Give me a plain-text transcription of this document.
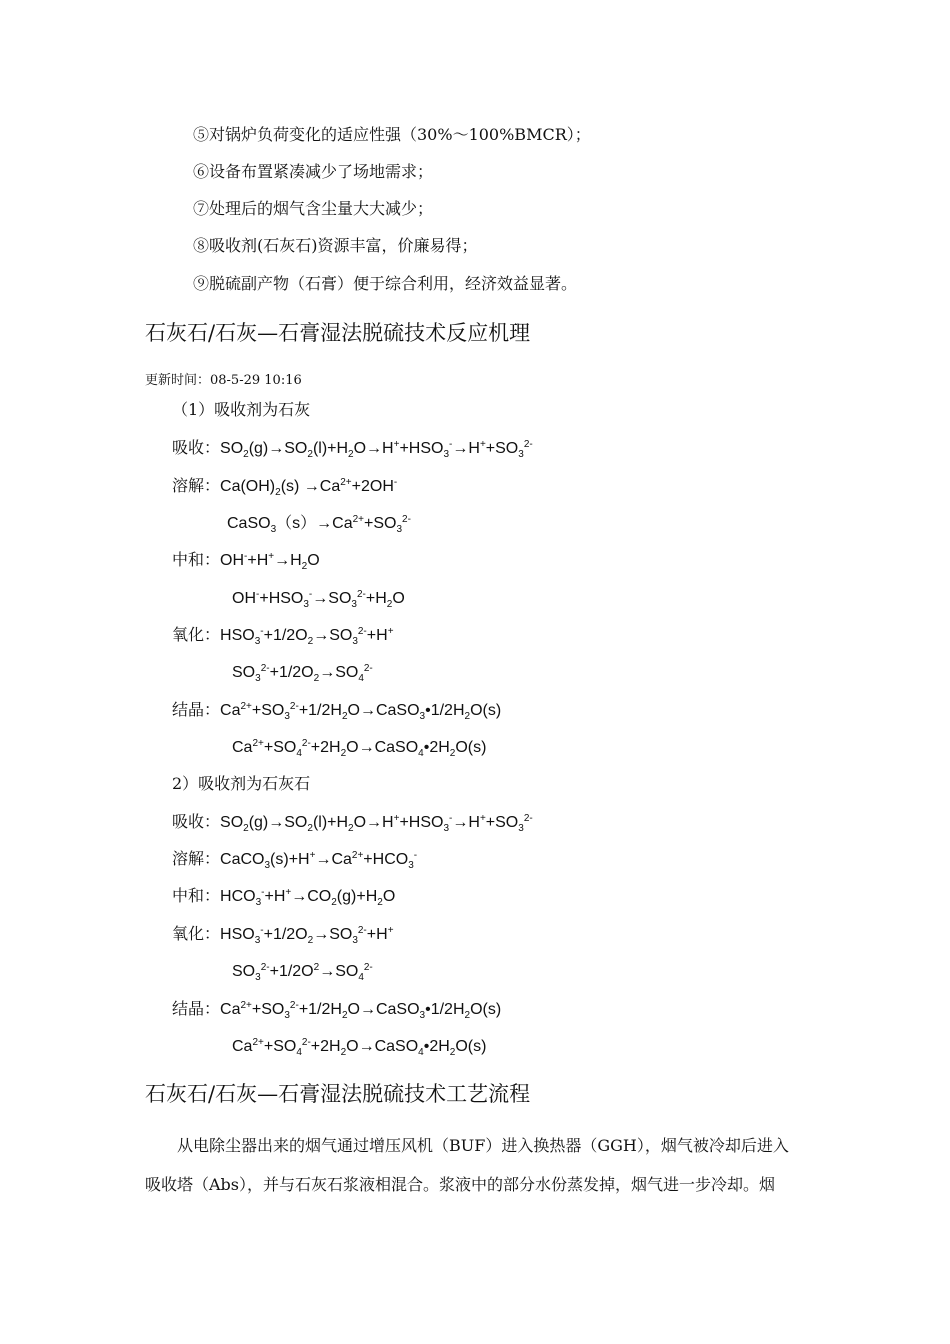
⑤对锅炉负荷变化的适应性强（30%～100%BMCR）；
⑥设备布置紧凑减少了场地需求；
⑦处理后的烟气含尘量大大减少；
⑧吸收剂(石灰石)资源丰富，价廉易得；
⑨脱硫副产物（石膏）便于综合利用，经济效益显著。
石灰石/石灰—石膏湿法脱硫技术反应机理
更新时间：08-5-29 10:16
（1）吸收剂为石灰
吸收：$SO_2(g)\to SO_2(l)+H_2O\to H^++HSO_3^-\to H^++SO_3^{2-}$
溶解：$Ca(OH)_2(s) \to Ca^{2+}+2OH^-$
$CaSO_3(s)\to Ca^{2+}+SO_3^{2-}$
中和：$OH^-+H^+\to H_2O$
$OH^-+HSO_3^-\to SO_3^{2-}+H_2O$
氧化：$HSO_3^-+1/2O_2\to SO_3^{2-}+H^+$
$SO_3^{2-}+1/2O_2\to SO_4^{2-}$
结晶：$Ca^{2+}+SO_3^{2-}+1/2H_2O\to CaSO_3•1/2H_2O(s)$
$Ca^{2+}+SO_4^{2-}+2H_2O\to CaSO_4•2H_2O(s)$
2）吸收剂为石灰石
吸收：$SO_2(g)\to SO_2(l)+H_2O\to H^++HSO_3^-\to H^++SO_3^{2-}$
溶解：$CaCO_3(s)+H^+\to Ca^{2+}+HCO_3^-$
中和：$HCO_3^-+H^+\to CO_2(g)+H_2O$
氧化：$HSO_3^-+1/2O_2\to SO_3^{2-}+H^+$
$SO_3^{2-}+1/2O^2\to SO_4^{2-}$
结晶：$Ca^{2+}+SO_3^{2-}+1/2H_2O\to CaSO_3•1/2H_2O(s)$
$Ca^{2+}+SO_4^{2-}+2H_2O\to CaSO_4•2H_2O(s)$
石灰石/石灰—石膏湿法脱硫技术工艺流程
从电除尘器出来的烟气通过增压风机（BUF）进入换热器（GGH），烟气被冷却后进入
吸收塔（Abs），并与石灰石浆液相混合。浆液中的部分水份蒸发掉，烟气进一步冷却。烟
